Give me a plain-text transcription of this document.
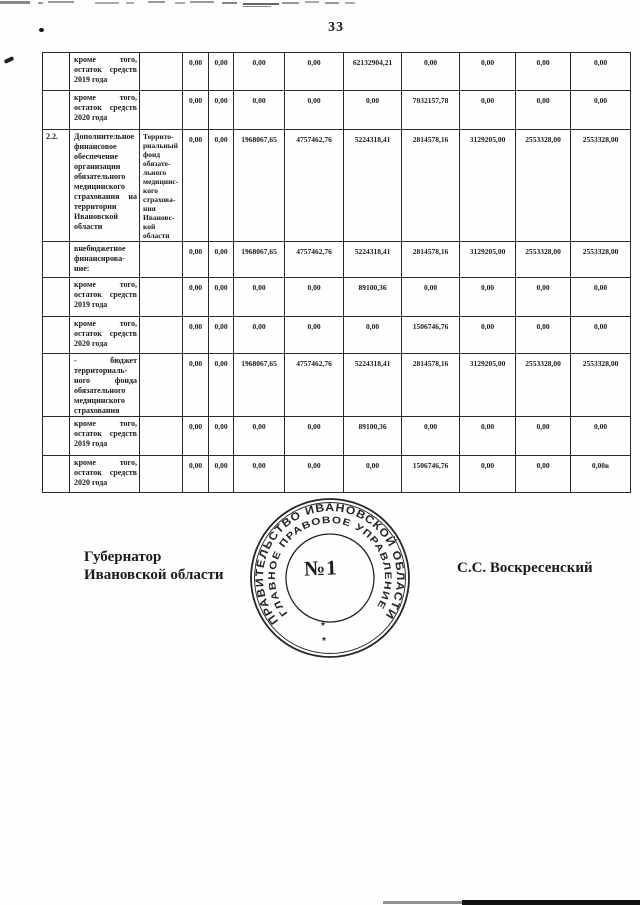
33
	кроме того, остаток средств 2019 года		0,00	0,00	0,00	0,00	62132904,21	0,00	0,00	0,00	0,00
	кроме того, остаток средств 2020 года		0,00	0,00	0,00	0,00	0,00	7032157,78	0,00	0,00	0,00
2.2.	Дополнительное финансовое обеспечение организации обязательного медицинского страхования на территории Ивановской области	Территориальный фонд обязательного медицинского страхования Ивановской области	0,00	0,00	1968067,65	4757462,76	5224318,41	2814578,16	3129205,00	2553328,00	2553328,00
	внебюджетное финансирование:		0,00	0,00	1968067,65	4757462,76	5224318,41	2814578,16	3129205,00	2553328,00	2553328,00
	кроме того, остаток средств 2019 года		0,00	0,00	0,00	0,00	89100,36	0,00	0,00	0,00	0,00
	кроме того, остаток средств 2020 года		0,00	0,00	0,00	0,00	0,00	1506746,76	0,00	0,00	0,00
	- бюджет территориального фонда обязательного медицинского страхования		0,00	0,00	1968067,65	4757462,76	5224318,41	2814578,16	3129205,00	2553328,00	2553328,00
	кроме того, остаток средств 2019 года		0,00	0,00	0,00	0,00	89100,36	0,00	0,00	0,00	0,00
	кроме того, остаток средств 2020 года		0,00	0,00	0,00	0,00	0,00	1506746,76	0,00	0,00	0,00в
Губернатор
Ивановской области
ПРАВИТЕЛЬСТВО ИВАНОВСКОЙ ОБЛАСТИ
ГЛАВНОЕ ПРАВОВОЕ УПРАВЛЕНИЕ
*
*
№1	С.С. Воскресенский
